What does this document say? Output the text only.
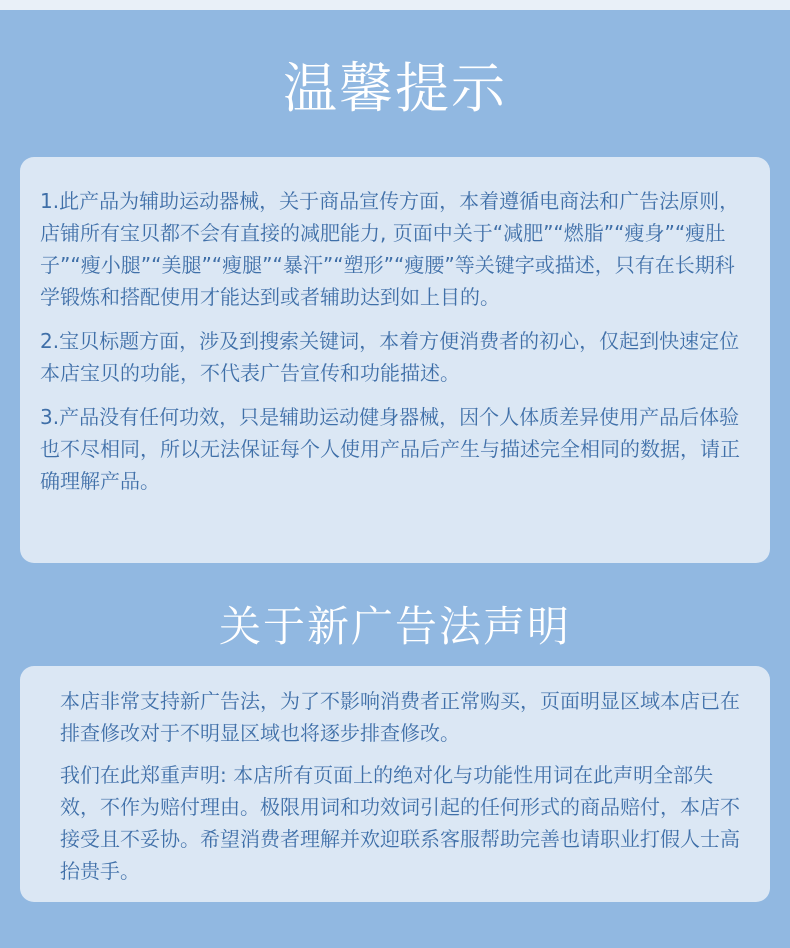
温馨提示

1.此产品为辅助运动器械，关于商品宣传方面，本着遵循电商法和广告法原则，店铺所有宝贝都不会有直接的减肥能力, 页面中关于“减肥”“燃脂”“瘦身”“瘦肚子”“瘦小腿”“美腿”“瘦腿”“暴汗”“塑形”“瘦腰”等关键字或描述，只有在长期科学锻炼和搭配使用才能达到或者辅助达到如上目的。

2.宝贝标题方面，涉及到搜索关键词，本着方便消费者的初心，仅起到快速定位本店宝贝的功能，不代表广告宣传和功能描述。

3.产品没有任何功效，只是辅助运动健身器械，因个人体质差异使用产品后体验也不尽相同，所以无法保证每个人使用产品后产生与描述完全相同的数据，请正确理解产品。

关于新广告法声明

本店非常支持新广告法，为了不影响消费者正常购买，页面明显区域本店已在排查修改对于不明显区域也将逐步排查修改。

我们在此郑重声明: 本店所有页面上的绝对化与功能性用词在此声明全部失效，不作为赔付理由。极限用词和功效词引起的任何形式的商品赔付，本店不接受且不妥协。希望消费者理解并欢迎联系客服帮助完善也请职业打假人士高抬贵手。
